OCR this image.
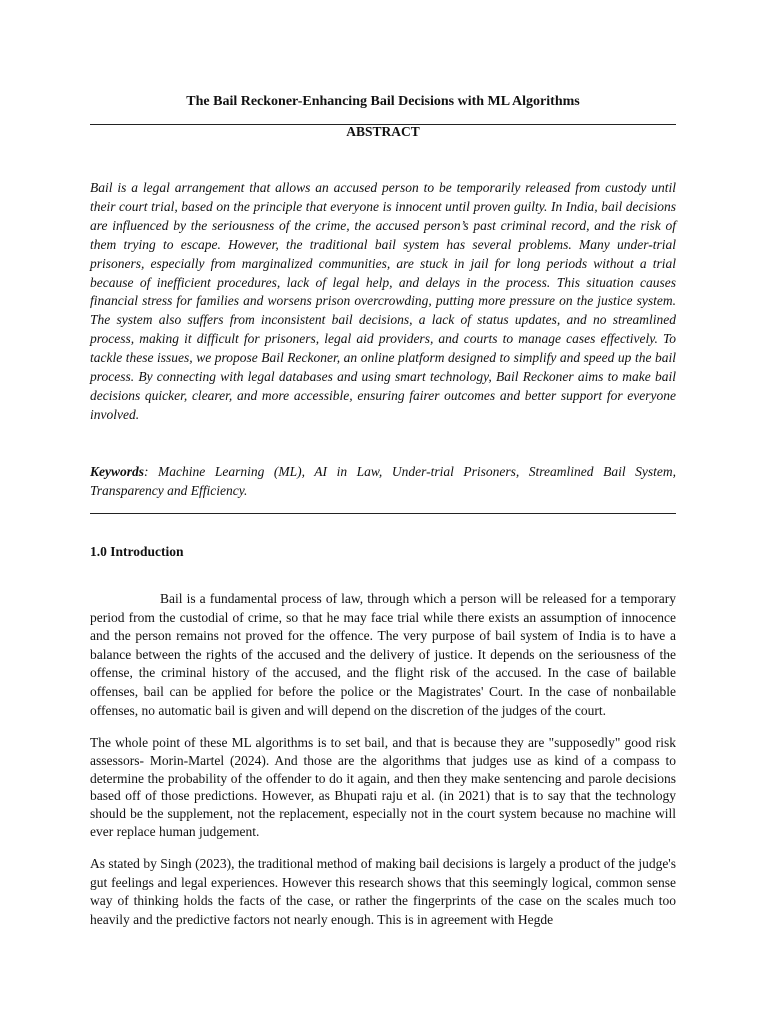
The Bail Reckoner-Enhancing Bail Decisions with ML Algorithms
ABSTRACT

Bail is a legal arrangement that allows an accused person to be temporarily released from custody until their court trial, based on the principle that everyone is innocent until proven guilty. In India, bail decisions are influenced by the seriousness of the crime, the accused person’s past criminal record, and the risk of them trying to escape. However, the traditional bail system has several problems. Many under-trial prisoners, especially from marginalized communities, are stuck in jail for long periods without a trial because of inefficient procedures, lack of legal help, and delays in the process. This situation causes financial stress for families and worsens prison overcrowding, putting more pressure on the justice system. The system also suffers from inconsistent bail decisions, a lack of status updates, and no streamlined process, making it difficult for prisoners, legal aid providers, and courts to manage cases effectively. To tackle these issues, we propose Bail Reckoner, an online platform designed to simplify and speed up the bail process. By connecting with legal databases and using smart technology, Bail Reckoner aims to make bail decisions quicker, clearer, and more accessible, ensuring fairer outcomes and better support for everyone involved.

Keywords: Machine Learning (ML), AI in Law, Under-trial Prisoners, Streamlined Bail System, Transparency and Efficiency.

1.0 Introduction

Bail is a fundamental process of law, through which a person will be released for a temporary period from the custodial of crime, so that he may face trial while there exists an assumption of innocence and the person remains not proved for the offence. The very purpose of bail system of India is to have a balance between the rights of the accused and the delivery of justice. It depends on the seriousness of the offense, the criminal history of the accused, and the flight risk of the accused. In the case of bailable offenses, bail can be applied for before the police or the Magistrates' Court. In the case of nonbailable offenses, no automatic bail is given and will depend on the discretion of the judges of the court.

The whole point of these ML algorithms is to set bail, and that is because they are "supposedly" good risk assessors- Morin-Martel (2024). And those are the algorithms that judges use as kind of a compass to determine the probability of the offender to do it again, and then they make sentencing and parole decisions based off of those predictions. However, as Bhupati raju et al. (in 2021) that is to say that the technology should be the supplement, not the replacement, especially not in the court system because no machine will ever replace human judgement.

As stated by Singh (2023), the traditional method of making bail decisions is largely a product of the judge's gut feelings and legal experiences. However this research shows that this seemingly logical, common sense way of thinking holds the facts of the case, or rather the fingerprints of the case on the scales much too heavily and the predictive factors not nearly enough. This is in agreement with Hegde
